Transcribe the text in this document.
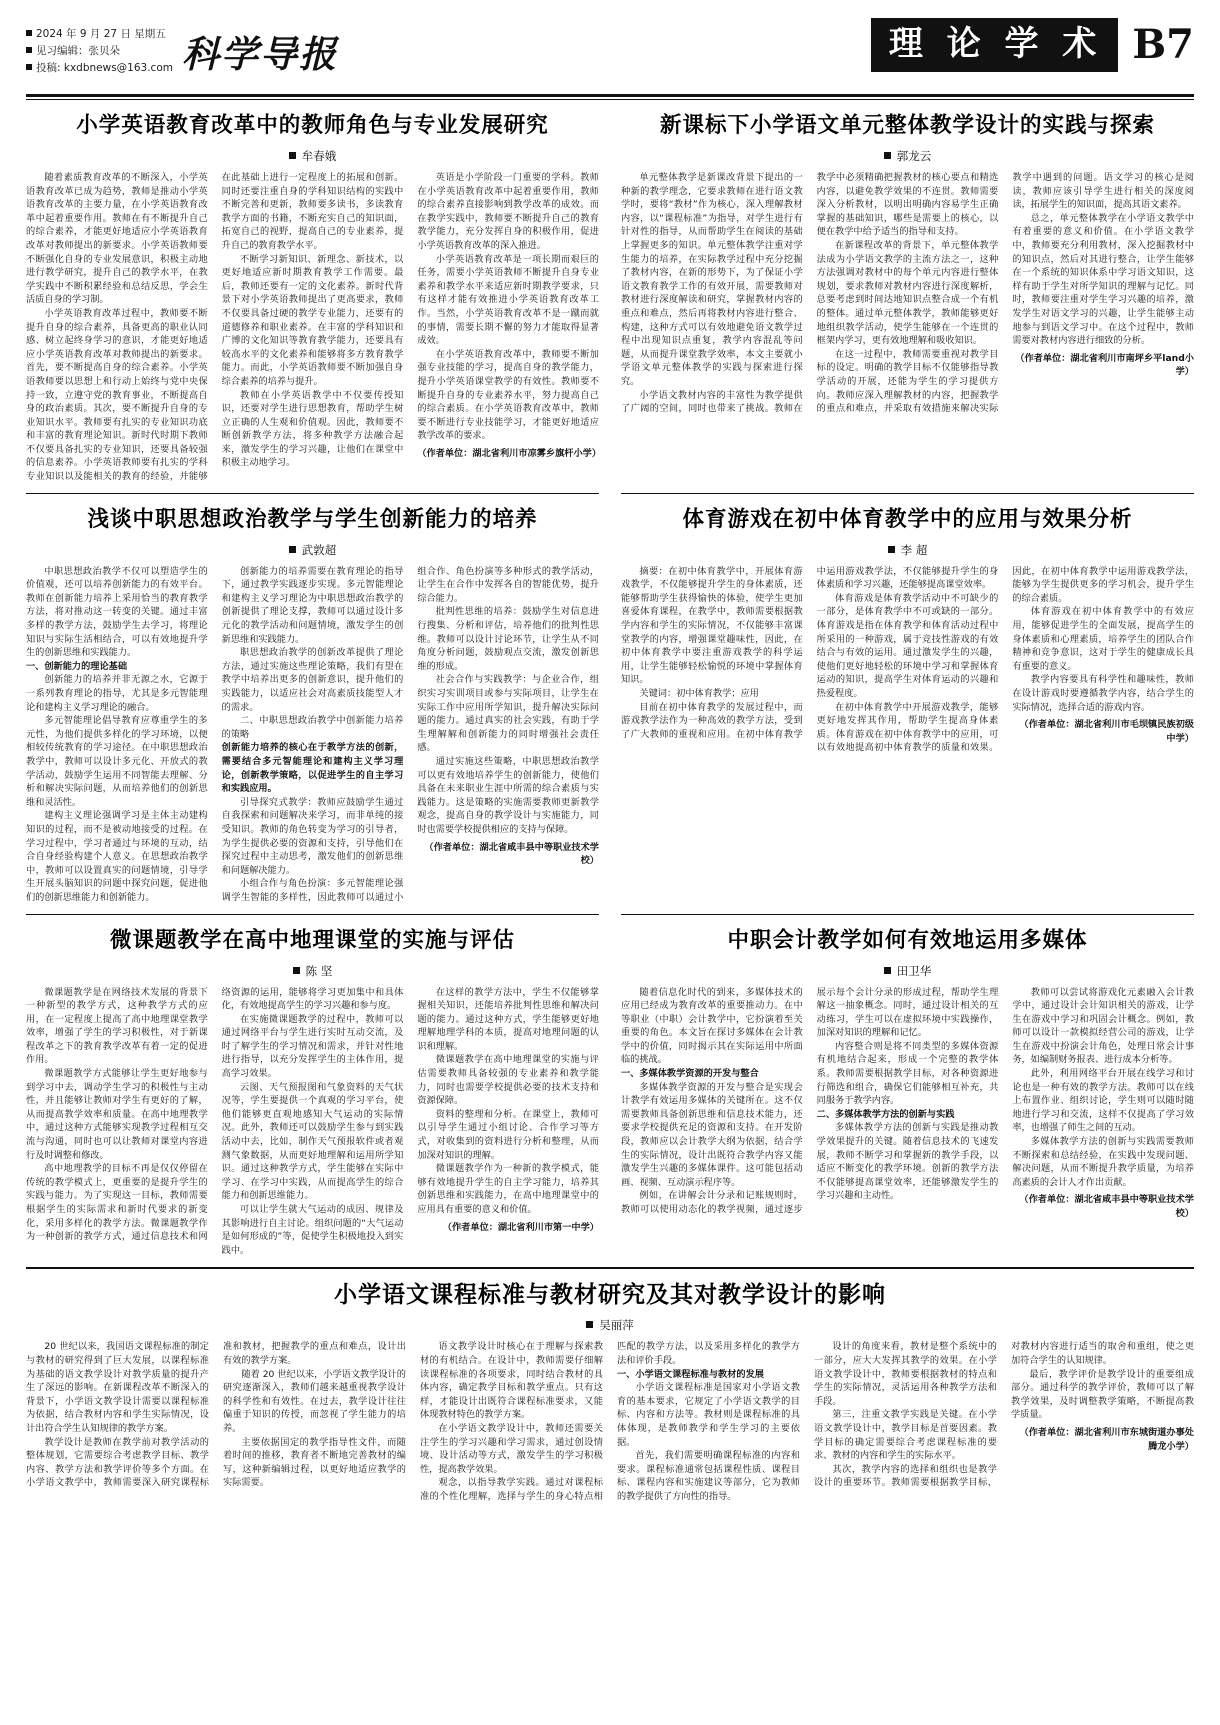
2024 年 9 月 27 日 星期五
见习编辑：张贝朵
投稿: kxdbnews@163.com 科学导报	理 论 学 术 B7
小学英语教育改革中的教师角色与专业发展研究
牟春娥

随着素质教育改革的不断深入，小学英语教育改革已成为趋势，教师是推动小学英语教育改革的主要力量，在小学英语教育改革中起着重要作用。教师在有不断提升自己的综合素养，才能更好地适应小学英语教育改革对教师提出的新要求。小学英语教师要不断强化自身的专业发展意识，积极主动地进行教学研究，提升自己的教学水平，在教学实践中不断积累经验和总结反思，学会生活质自身的学习制。

小学英语教育改革过程中，教师要不断提升自身的综合素养，具备更高的职业认同感、树立起终身学习的意识，才能更好地适应小学英语教育改革对教师提出的新要求。首先，要不断提高自身的综合素养。小学英语教师要以思想上和行动上始终与党中央保持一致，立遵守党的教育事业，不断提高自身的政治素质。其次，要不断提升自身的专业知识水平。教师要有扎实的专业知识功底和丰富的教育理论知识。新时代时期下教师不仅要具备扎实的专业知识，还要具备较强的信息素养。小学英语教师要有扎实的学科专业知识以及能相关的教育的经验，并能够在此基础上进行一定程度上的拓展和创新。同时还要注重自身的学科知识结构的实践中不断完善和更新，教师要多读书，多读教育教学方面的书籍，不断充实自己的知识面，拓宽自己的视野，提高自己的专业素养，提升自己的教育教学水平。

不断学习新知识、新理念、新技术，以更好地适应新时期教育教学工作需要。最后，教师还要有一定的文化素养。新时代背景下对小学英语教师提出了更高要求，教师不仅要具备过硬的教学专业能力，还要有的道德修养和职业素养。在丰富的学科知识和广博的文化知识等教育教学能力，还要具有较高水平的文化素养和能够将多方教育教学能力。而此，小学英语教师要不断加强自身综合素养的培养与提升。

教师在小学英语教学中不仅要传授知识，还要对学生进行思想教育，帮助学生树立正确的人生观和价值观。因此，教师要不断创新教学方法，将多种教学方法融合起来，激发学生的学习兴趣，让他们在课堂中积极主动地学习。

英语是小学阶段一门重要的学科。教师在小学英语教育改革中起着重要作用，教师的综合素养直接影响到教学改革的成效。而在教学实践中，教师要不断提升自己的教育教学能力，充分发挥自身的积极作用，促进小学英语教育改革的深入推进。

小学英语教育改革是一项长期而艰巨的任务，需要小学英语教师不断提升自身专业素养和教学水平来适应新时期教学要求，只有这样才能有效推进小学英语教育改革工作。当然，小学英语教育改革不是一蹴而就的事情，需要长期不懈的努力才能取得显著成效。

在小学英语教育改革中，教师要不断加强专业技能的学习，提高自身的教学能力，提升小学英语课堂教学的有效性。教师要不断提升自身的专业素养水平，努力提高自己的综合素质。在小学英语教育改革中，教师要不断进行专业技能学习，才能更好地适应教学改革的要求。

（作者单位：湖北省利川市凉雾乡旗杆小学）

新课标下小学语文单元整体教学设计的实践与探索
郭龙云

单元整体教学是新课改背景下提出的一种新的教学理念，它要求教师在进行语文教学时，要将“教材”作为核心，深入理解教材内容，以“课程标准”为指导，对学生进行有针对性的指导，从而帮助学生在阅读的基础上掌握更多的知识。单元整体教学注重对学生能力的培养，在实际教学过程中充分挖掘了教材内容，在新的形势下，为了保证小学语文教育教学工作的有效开展，需要教师对教材进行深度解读和研究，掌握教材内容的重点和难点，然后再将教材内容进行整合、构建，这种方式可以有效地避免语文教学过程中出现知识点重复，教学内容混乱等问题，从而提升课堂教学效率，本文主要就小学语文单元整体教学的实践与探索进行探究。

小学语文教材内容的丰富性为教学提供了广阔的空间，同时也带来了挑战。教师在教学中必须精确把握教材的核心要点和精选内容，以避免教学效果的不连贯。教师需要深入分析教材，以明出明确内容易学生正确掌握的基础知识，哪些是需要上的核心，以便在教学中给予适当的指导和支持。

在新课程改革的背景下，单元整体教学法成为小学语文教学的主流方法之一，这种方法强调对教材中的每个单元内容进行整体规划，要求教师对教材内容进行深度解析，总要考虑到时间达地知识点整合成一个有机的整体。通过单元整体教学，教师能够更好地组织教学活动，使学生能够在一个连贯的框架内学习，更有效地理解和吸收知识。

在这一过程中，教师需要重视对教学目标的设定。明确的教学目标不仅能够指导教学活动的开展，还能为学生的学习提供方向。教师应深入理解教材的内容，把握教学的重点和难点，并采取有效措施来解决实际教学中遇到的问题。语文学习的核心是阅读，教师应该引导学生进行相关的深度阅读，拓展学生的知识面，提高其语文素养。

总之，单元整体教学在小学语文教学中有着重要的意义和价值。在小学语文教学中，教师要充分利用教材，深入挖掘教材中的知识点，然后对其进行整合，让学生能够在一个系统的知识体系中学习语文知识，这样有助于学生对所学知识的理解与记忆。同时，教师要注重对学生学习兴趣的培养，激发学生对语文学习的兴趣，让学生能够主动地参与到语文学习中。在这个过程中，教师需要对教材内容进行细致的分析。

（作者单位：湖北省利川市南坪乡平land小学）

浅谈中职思想政治教学与学生创新能力的培养
武敦超

中职思想政治教学不仅可以塑造学生的价值观，还可以培养创新能力的有效平台。教师在创新能力培养上采用恰当的教育教学方法，将对推动这一转变的关键。通过丰富多样的教学方法，鼓励学生去学习，将理论知识与实际生活相结合，可以有效地提升学生的创新思维和实践能力。

一、创新能力的理论基础

创新能力的培养并非无源之水，它源于一系列教育理论的指导，尤其是多元智能理论和建构主义学习理论的融合。

多元智能理论倡导教育应尊重学生的多元性，为他们提供多样化的学习环境，以便相较传统教育的学习途径。在中职思想政治教学中，教师可以设计多元化、开放式的教学活动，鼓励学生运用不同智能去理解、分析和解决实际问题，从而培养他们的创新思维和灵活性。

建构主义理论强调学习是主体主动建构知识的过程，而不是被动地接受的过程。在学习过程中，学习者通过与环境的互动，结合自身经验构建个人意义。在思想政治教学中，教师可以设置真实的问题情境，引导学生开展头脑知识的问题中探究问题，促进他们的创新思维能力和创新能力。

创新能力的培养需要在教育理论的指导下，通过教学实践逐步实现。多元智能理论和建构主义学习理论为中职思想政治教学的创新提供了理论支撑，教师可以通过设计多元化的教学活动和问题情境，激发学生的创新思维和实践能力。

职思想政治教学的创新改革提供了理论方法，通过实施这些理论策略，我们有望在教学中培养出更多的创新意识，提升他们的实践能力，以适应社会对高素质技能型人才的需求。

二、中职思想政治教学中创新能力培养的策略

创新能力培养的核心在于教学方法的创新，需要结合多元智能理论和建构主义学习理论，创新教学策略，以促进学生的自主学习和实践应用。

引导探究式教学：教师应鼓励学生通过自我探索和问题解决来学习，而非单纯的接受知识。教师的角色转变为学习的引导者，为学生提供必要的资源和支持，引导他们在探究过程中主动思考，激发他们的创新思维和问题解决能力。

小组合作与角色扮演：多元智能理论强调学生智能的多样性，因此教师可以通过小组合作、角色扮演等多种形式的教学活动，让学生在合作中发挥各自的智能优势，提升综合能力。

批判性思维的培养：鼓励学生对信息进行搜集、分析和评估，培养他们的批判性思维。教师可以设计讨论环节，让学生从不同角度分析问题，鼓励观点交流，激发创新思维的形成。

社会合作与实践教学：与企业合作，组织实习实训项目或参与实际项目，让学生在实际工作中应用所学知识，提升解决实际问题的能力。通过真实的社会实践，有助于学生理解解和创新能力的同时增强社会责任感。

通过实施这些策略，中职思想政治教学可以更有效地培养学生的创新能力，使他们具备在未来职业生涯中所需的综合素质与实践能力。这是策略的实施需要教师更新教学观念，提高自身的教学设计与实施能力，同时也需要学校提供相应的支持与保障。

（作者单位：湖北省咸丰县中等职业技术学校）

体育游戏在初中体育教学中的应用与效果分析
李 超

摘要：在初中体育教学中，开展体育游戏教学，不仅能够提升学生的身体素质，还能够帮助学生获得愉快的体验，使学生更加喜爱体育课程，在教学中，教师需要根据教学内容和学生的实际情况，不仅能够丰富课堂教学的内容，增强课堂趣味性，因此，在初中体育教学中要注重游戏教学的科学运用，让学生能够轻松愉悦的环境中掌握体育知识。

关键词：初中体育教学；应用

目前在初中体育教学的发展过程中，而游戏教学法作为一种高效的教学方法，受到了广大教师的重视和应用。在初中体育教学中运用游戏教学法，不仅能够提升学生的身体素质和学习兴趣，还能够提高课堂效率。

体育游戏是体育教学活动中不可缺少的一部分，是体育教学中不可或缺的一部分。体育游戏是指在体育教学和体育活动过程中所采用的一种游戏，属于竞技性游戏的有效结合与有效的运用。通过激发学生的兴趣，使他们更好地轻松的环境中学习和掌握体育运动的知识，提高学生对体育运动的兴趣和热爱程度。

在初中体育教学中开展游戏教学，能够更好地发挥其作用，帮助学生提高身体素质。体育游戏在初中体育教学中的应用，可以有效地提高初中体育教学的质量和效果。因此，在初中体育教学中运用游戏教学法，能够为学生提供更多的学习机会，提升学生的综合素质。

体育游戏在初中体育教学中的有效应用，能够促进学生的全面发展，提高学生的身体素质和心理素质，培养学生的团队合作精神和竞争意识，这对于学生的健康成长具有重要的意义。

教学内容要具有科学性和趣味性，教师在设计游戏时要遵循教学内容，结合学生的实际情况，选择合适的游戏内容。

（作者单位：湖北省利川市毛坝镇民族初级中学）

微课题教学在高中地理课堂的实施与评估
陈 坚

微课题教学是在网络技术发展的背景下一种新型的教学方式，这种教学方式的应用，在一定程度上提高了高中地理课堂教学效率，增强了学生的学习积极性，对于新课程改革之下的教育教学改革有着一定的促进作用。

微课题教学方式能够让学生更好地参与到学习中去，调动学生学习的积极性与主动性，并且能够让教师对学生有更好的了解，从而提高教学效率和质量。在高中地理教学中，通过这种方式能够实现教学过程相互交流与沟通，同时也可以让教师对课堂内容进行及时调整和修改。

高中地理教学的目标不再是仅仅停留在传统的教学模式上，更重要的是提升学生的实践与能力。为了实现这一目标，教师需要根据学生的实际需求和新时代要求的新变化，采用多样化的教学方法。微课题教学作为一种创新的教学方式，通过信息技术和网络资源的运用，能够将学习更加集中和具体化，有效地提高学生的学习兴趣和参与度。

在实施微课题教学的过程中，教师可以通过网络平台与学生进行实时互动交流，及时了解学生的学习情况和需求，并针对性地进行指导，以充分发挥学生的主体作用，提高学习效果。

云图、天气预报图和气象资料的天气状况等，学生要提供一个真观的学习平台，使他们能够更直观地感知大气运动的实际情况。此外，教师还可以鼓励学生参与到实践活动中去，比如，制作天气预报软件或者观测气象数据，从而更好地理解和运用所学知识。通过这种教学方式，学生能够在实际中学习、在学习中实践，从而提高学生的综合能力和创新思维能力。

可以让学生就大气运动的成因、规律及其影响进行自主讨论。组织问题的“大气运动是如何形成的”等，促使学生积极地投入到实践中。

在这样的教学方法中，学生不仅能够掌握相关知识，还能培养批判性思维和解决问题的能力。通过这种方式，学生能够更好地理解地理学科的本质，提高对地理问题的认识和理解。

微课题教学在高中地理课堂的实施与评估需要教师具备较强的专业素养和教学能力，同时也需要学校提供必要的技术支持和资源保障。

资料的整理和分析。在课堂上，教师可以引导学生通过小组讨论、合作学习等方式，对收集到的资料进行分析和整理，从而加深对知识的理解。

微课题教学作为一种新的教学模式，能够有效地提升学生的自主学习能力，培养其创新思维和实践能力，在高中地理课堂中的应用具有重要的意义和价值。

（作者单位：湖北省利川市第一中学）

中职会计教学如何有效地运用多媒体
田卫华

随着信息化时代的到来，多媒体技术的应用已经成为教育改革的重要推动力。在中等职业（中职）会计教学中，它扮演着至关重要的角色。本文旨在探讨多媒体在会计教学中的价值，同时揭示其在实际运用中所面临的挑战。

一、多媒体教学资源的开发与整合

多媒体教学资源的开发与整合是实现会计教学有效运用多媒体的关键所在。这不仅需要教师具备创新思维和信息技术能力，还要求学校提供充足的资源和支持。在开发阶段，教师应以会计教学大纲为依据，结合学生的实际情况，设计出既符合教学内容又能激发学生兴趣的多媒体课件。这可能包括动画、视频、互动演示程序等。

例如，在讲解会计分录和记账规则时，教师可以使用动态化的教学视频，通过逐步展示每个会计分录的形成过程，帮助学生理解这一抽象概念。同时，通过设计相关的互动练习，学生可以在虚拟环境中实践操作，加深对知识的理解和记忆。

内容整合则是将不同类型的多媒体资源有机地结合起来，形成一个完整的教学体系。教师需要根据教学目标，对各种资源进行筛选和组合，确保它们能够相互补充，共同服务于教学内容。

二、多媒体教学方法的创新与实践

多媒体教学方法的创新与实践是推动教学效果提升的关键。随着信息技术的飞速发展，教师不断学习和掌握新的教学手段，以适应不断变化的教学环境。创新的教学方法不仅能够提高课堂效率，还能够激发学生的学习兴趣和主动性。

教师可以尝试将游戏化元素融入会计教学中，通过设计会计知识相关的游戏，让学生在游戏中学习和巩固会计概念。例如，教师可以设计一款模拟经营公司的游戏，让学生在游戏中扮演会计角色，处理日常会计事务，如编制财务报表、进行成本分析等。

此外，利用网络平台开展在线学习和讨论也是一种有效的教学方法。教师可以在线上布置作业、组织讨论，学生则可以随时随地进行学习和交流，这样不仅提高了学习效率，也增强了师生之间的互动。

多媒体教学方法的创新与实践需要教师不断探索和总结经验，在实践中发现问题、解决问题，从而不断提升教学质量，为培养高素质的会计人才作出贡献。

（作者单位：湖北省咸丰县中等职业技术学校）

小学语文课程标准与教材研究及其对教学设计的影响
吴丽萍

20 世纪以来，我国语文课程标准的制定与教材的研究得到了巨大发展，以课程标准为基础的语文教学设计对教学质量的提升产生了深远的影响。在新课程改革不断深入的背景下，小学语文教学设计需要以课程标准为依据，结合教材内容和学生实际情况，设计出符合学生认知规律的教学方案。

教学设计是教师在教学前对教学活动的整体规划，它需要综合考虑教学目标、教学内容、教学方法和教学评价等多个方面。在小学语文教学中，教师需要深入研究课程标准和教材，把握教学的重点和难点，设计出有效的教学方案。

随着 20 世纪以来，小学语文教学设计的研究逐渐深入，教师们越来越重视教学设计的科学性和有效性。在过去，教学设计往往偏重于知识的传授，而忽视了学生能力的培养。

主要依据国定的教学指导性文件，而随着时间的推移，教育者不断地完善教材的编写，这种新编辑过程，以更好地适应教学的实际需要。

语文教学设计时核心在于理解与探索教材的有机结合。在设计中，教师需要仔细解读课程标准的各项要求，同时结合教材的具体内容，确定教学目标和教学重点。只有这样，才能设计出既符合课程标准要求，又能体现教材特色的教学方案。

在小学语文教学设计中，教师还需要关注学生的学习兴趣和学习需求，通过创设情境、设计活动等方式，激发学生的学习积极性，提高教学效果。

观念，以指导教学实践。通过对课程标准的个性化理解，选择与学生的身心特点相匹配的教学方法，以及采用多样化的教学方法和评价手段。

一、小学语文课程标准与教材的发展

小学语文课程标准是国家对小学语文教育的基本要求，它规定了小学语文教学的目标、内容和方法等。教材则是课程标准的具体体现，是教师教学和学生学习的主要依据。

首先，我们需要明确课程标准的内容和要求。课程标准通常包括课程性质、课程目标、课程内容和实施建议等部分，它为教师的教学提供了方向性的指导。

设计的角度来看，教材是整个系统中的一部分，应大大发挥其教学的效果。在小学语文教学设计中，教师要根据教材的特点和学生的实际情况，灵活运用各种教学方法和手段。

第三，注重文教学实践是关键。在小学语文教学设计中，教学目标是首要因素。教学目标的确定需要综合考虑课程标准的要求、教材的内容和学生的实际水平。

其次，教学内容的选择和组织也是教学设计的重要环节。教师需要根据教学目标，对教材内容进行适当的取舍和重组，使之更加符合学生的认知规律。

最后，教学评价是教学设计的重要组成部分。通过科学的教学评价，教师可以了解教学效果，及时调整教学策略，不断提高教学质量。

（作者单位：湖北省利川市东城街道办事处腾龙小学）
